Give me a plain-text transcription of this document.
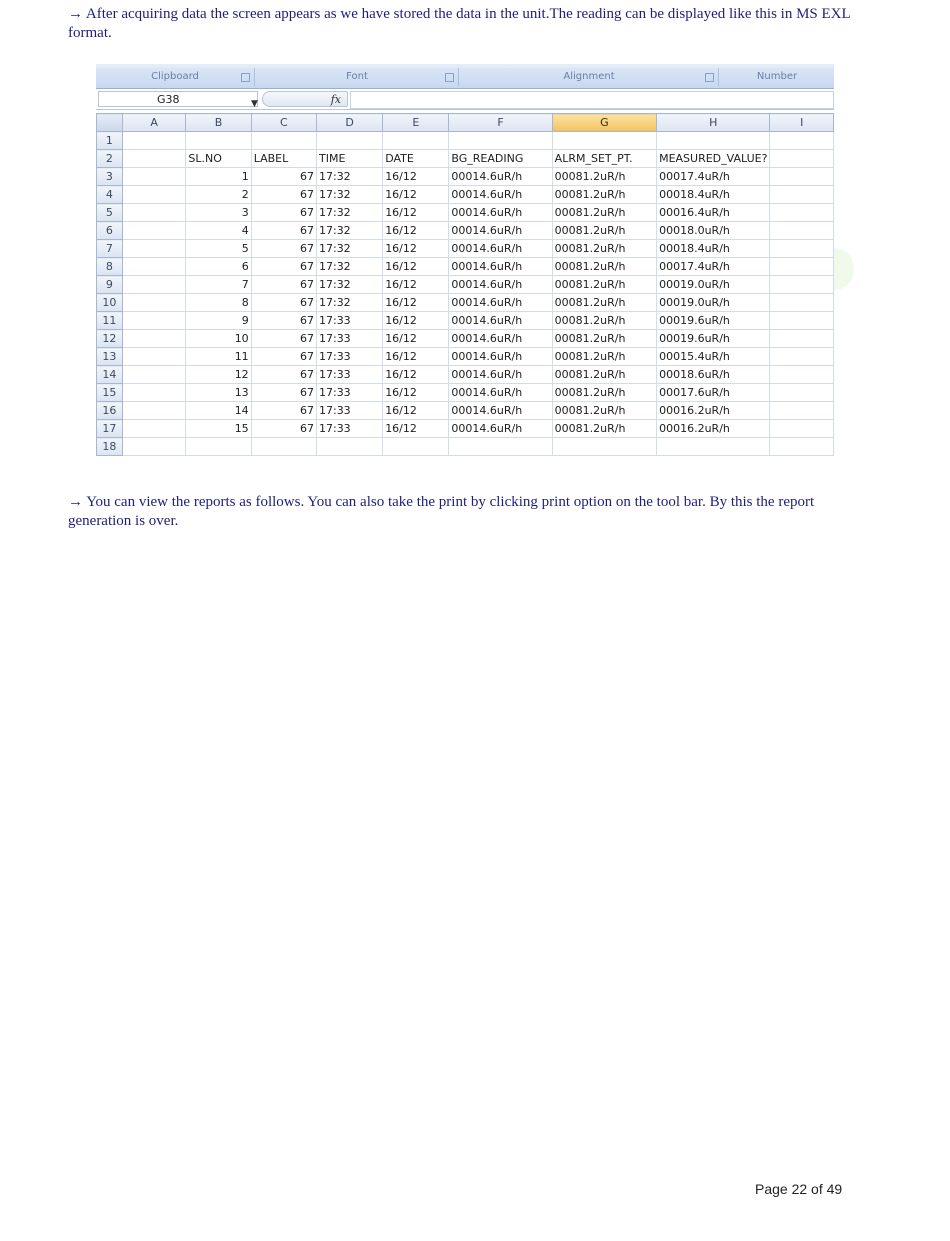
→ After acquiring data the screen appears as we have stored the data in the unit.The reading can be displayed like this in MS EXL format.

Clipboard	Font	Alignment	Number
G38	▼	fx
	A	B	C	D	E	F	G	H	I
1									
2		SL.NO	LABEL	TIME	DATE	BG_READING	ALRM_SET_PT.	MEASURED_VALUE?	
3		1	67	17:32	16/12	00014.6uR/h	00081.2uR/h	00017.4uR/h	
4		2	67	17:32	16/12	00014.6uR/h	00081.2uR/h	00018.4uR/h	
5		3	67	17:32	16/12	00014.6uR/h	00081.2uR/h	00016.4uR/h	
6		4	67	17:32	16/12	00014.6uR/h	00081.2uR/h	00018.0uR/h	
7		5	67	17:32	16/12	00014.6uR/h	00081.2uR/h	00018.4uR/h	
8		6	67	17:32	16/12	00014.6uR/h	00081.2uR/h	00017.4uR/h	
9		7	67	17:32	16/12	00014.6uR/h	00081.2uR/h	00019.0uR/h	
10		8	67	17:32	16/12	00014.6uR/h	00081.2uR/h	00019.0uR/h	
11		9	67	17:33	16/12	00014.6uR/h	00081.2uR/h	00019.6uR/h	
12		10	67	17:33	16/12	00014.6uR/h	00081.2uR/h	00019.6uR/h	
13		11	67	17:33	16/12	00014.6uR/h	00081.2uR/h	00015.4uR/h	
14		12	67	17:33	16/12	00014.6uR/h	00081.2uR/h	00018.6uR/h	
15		13	67	17:33	16/12	00014.6uR/h	00081.2uR/h	00017.6uR/h	
16		14	67	17:33	16/12	00014.6uR/h	00081.2uR/h	00016.2uR/h	
17		15	67	17:33	16/12	00014.6uR/h	00081.2uR/h	00016.2uR/h	
18									

→ You can view the reports as follows. You can also take the print by clicking print option on the tool bar. By this the report generation is over.

Page 22 of 49
